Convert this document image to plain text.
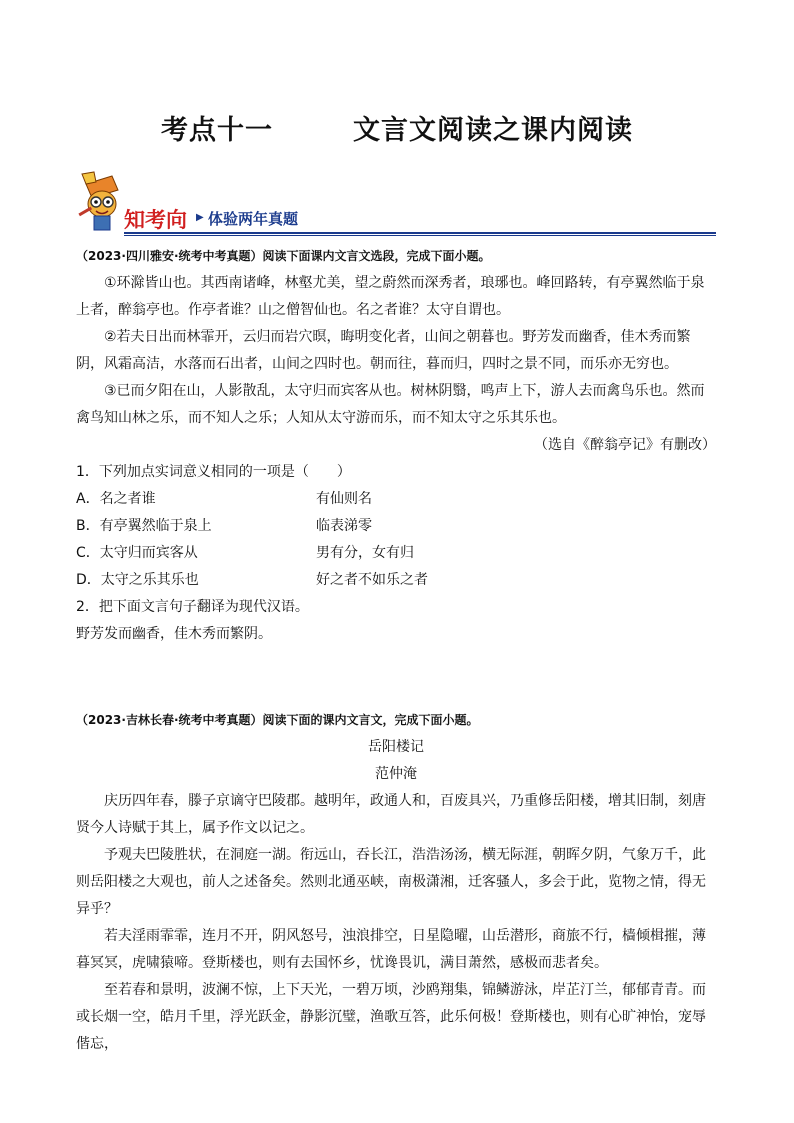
考点十一	文言文阅读之课内阅读
知考向 ▶ 体验两年真题
（2023·四川雅安·统考中考真题）阅读下面课内文言文选段，完成下面小题。

①环滁皆山也。其西南诸峰，林壑尤美，望之蔚然而深秀者，琅琊也。峰回路转，有亭翼然临于泉上者，醉翁亭也。作亭者谁？山之僧智仙也。名之者谁？太守自谓也。

②若夫日出而林霏开，云归而岩穴暝，晦明变化者，山间之朝暮也。野芳发而幽香，佳木秀而繁阴，风霜高洁，水落而石出者，山间之四时也。朝而往，暮而归，四时之景不同，而乐亦无穷也。

③已而夕阳在山，人影散乱，太守归而宾客从也。树林阴翳，鸣声上下，游人去而禽鸟乐也。然而禽鸟知山林之乐，而不知人之乐；人知从太守游而乐，而不知太守之乐其乐也。

（选自《醉翁亭记》有删改）
1．下列加点实词意义相同的一项是（　　）
A．名之者谁	有仙则名
B．有亭翼然临于泉上	临表涕零
C．太守归而宾客从	男有分，女有归
D．太守之乐其乐也	好之者不如乐之者
2．把下面文言句子翻译为现代汉语。
野芳发而幽香，佳木秀而繁阴。
（2023·吉林长春·统考中考真题）阅读下面的课内文言文，完成下面小题。
岳阳楼记
范仲淹

庆历四年春，滕子京谪守巴陵郡。越明年，政通人和，百废具兴，乃重修岳阳楼，增其旧制，刻唐贤今人诗赋于其上，属予作文以记之。

予观夫巴陵胜状，在洞庭一湖。衔远山，吞长江，浩浩汤汤，横无际涯，朝晖夕阴，气象万千，此则岳阳楼之大观也，前人之述备矣。然则北通巫峡，南极潇湘，迁客骚人，多会于此，览物之情，得无异乎？

若夫淫雨霏霏，连月不开，阴风怒号，浊浪排空，日星隐曜，山岳潜形，商旅不行，樯倾楫摧，薄暮冥冥，虎啸猿啼。登斯楼也，则有去国怀乡，忧谗畏讥，满目萧然，感极而悲者矣。

至若春和景明，波澜不惊，上下天光，一碧万顷，沙鸥翔集，锦鳞游泳，岸芷汀兰，郁郁青青。而或长烟一空，皓月千里，浮光跃金，静影沉璧，渔歌互答，此乐何极！登斯楼也，则有心旷神怡，宠辱偕忘，
